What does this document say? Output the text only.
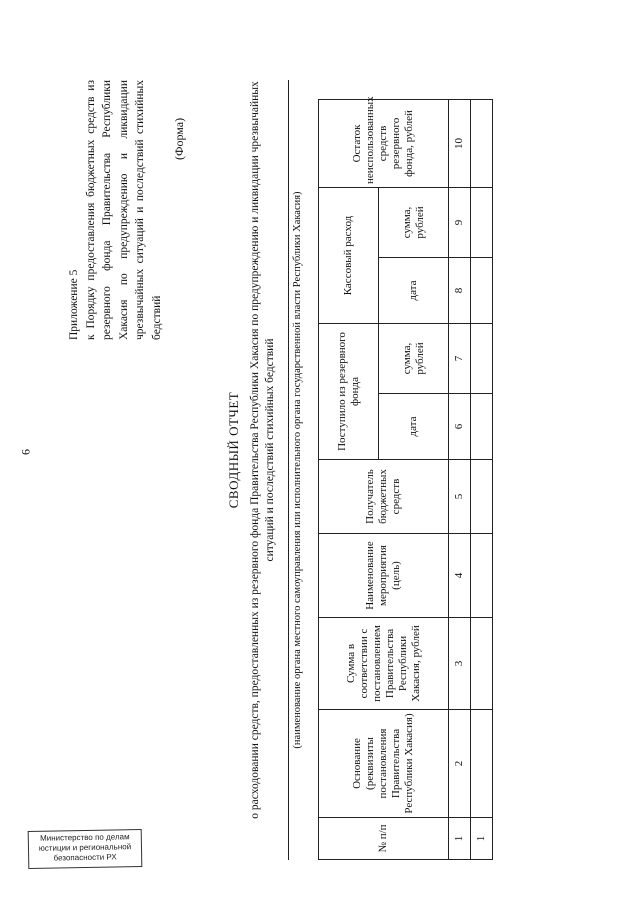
6
Приложение 5 к Порядку предоставления бюджетных средств из резервного фонда Правительства Республики Хакасия по предупреждению и ликвидации чрезвычайных ситуаций и последствий стихийных бедствий
(Форма)
СВОДНЫЙ ОТЧЕТ о расходовании средств, предоставленных из резервного фонда Правительства Республики Хакасия по предупреждению и ликвидации чрезвычайных ситуаций и последствий стихийных бедствий (наименование органа местного самоуправления или исполнительного органа государственной власти Республики Хакасия)
№ п/п	Основание (реквизиты постановления Правительства Республики Хакасия)	Сумма в соответствии с постановлением Правительства Республики Хакасия, рублей	Наименование мероприятия (цель)	Получатель бюджетных средств	Поступило из резервного фонда		Кассовый расход		Остаток неиспользованных средств резервного фонда, рублей
					дата	сумма, рублей	дата	сумма, рублей	
1	2	3	4	5	6	7	8	9	10
1									
Министерство по делам
юстиции и региональной
безопасности РХ
